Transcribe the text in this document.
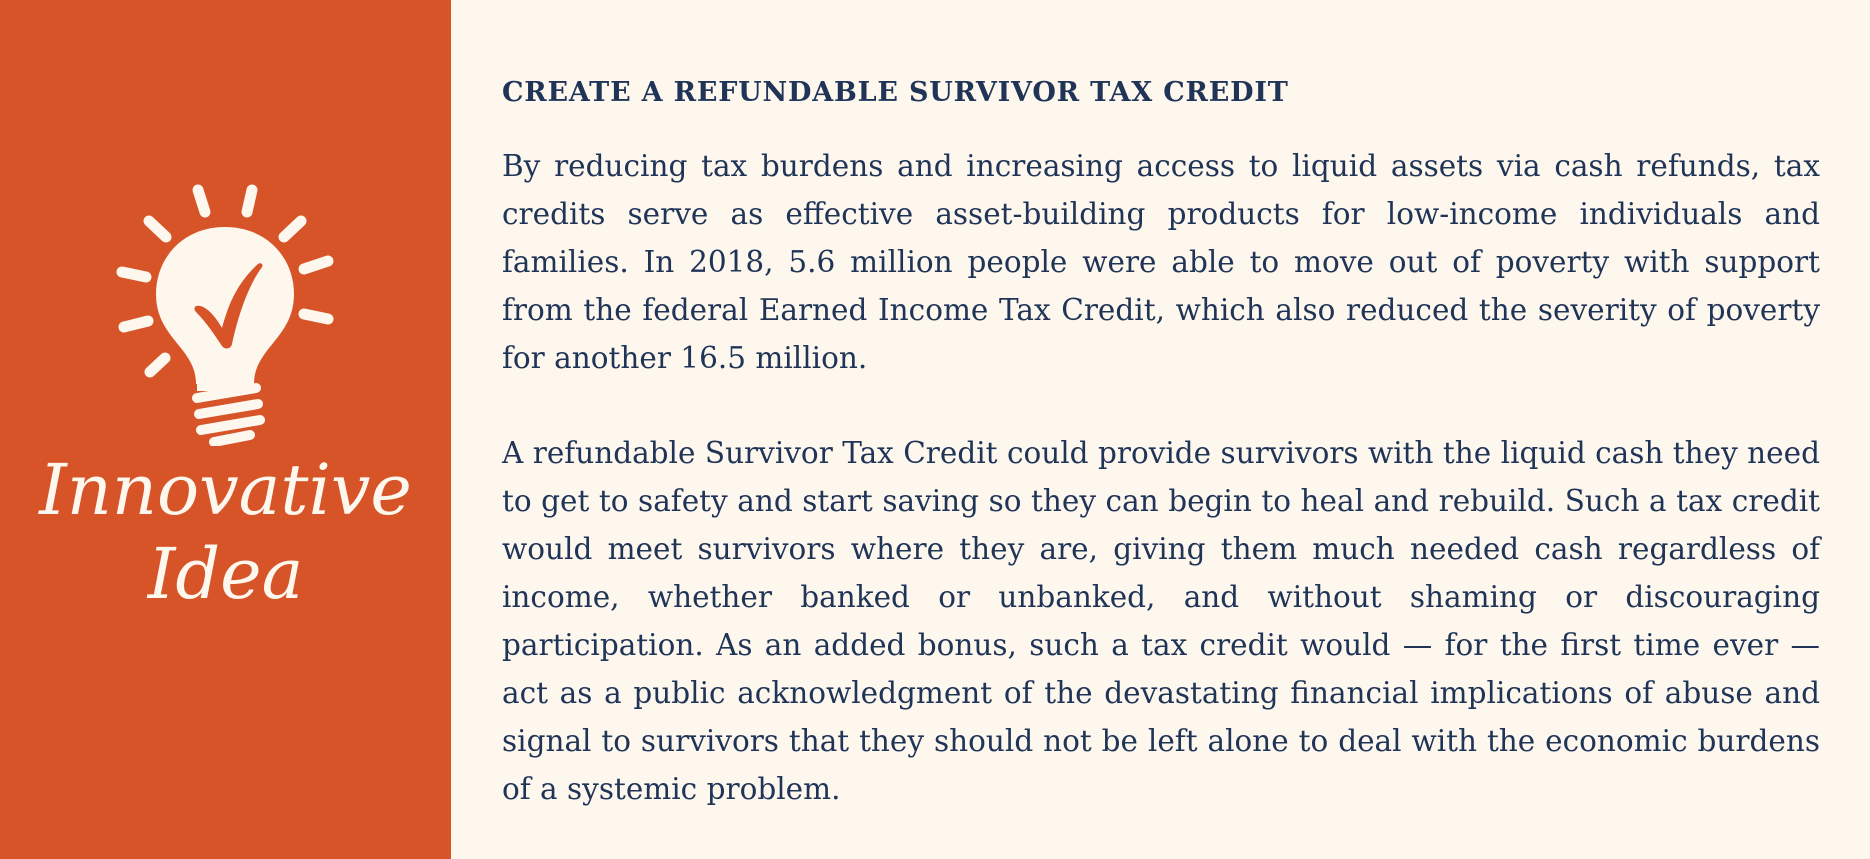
Innovative
Idea
CREATE A REFUNDABLE SURVIVOR TAX CREDIT

By reducing tax burdens and increasing access to liquid assets via cash refunds, tax credits serve as effective asset-building products for low-income individuals and families. In 2018, 5.6 million people were able to move out of poverty with support from the federal Earned Income Tax Credit, which also reduced the severity of poverty for another 16.5 million.

A refundable Survivor Tax Credit could provide survivors with the liquid cash they need to get to safety and start saving so they can begin to heal and rebuild. Such a tax credit would meet survivors where they are, giving them much needed cash regardless of income, whether banked or unbanked, and without shaming or discouraging participation. As an added bonus, such a tax credit would — for the first time ever — act as a public acknowledgment of the devastating financial implications of abuse and signal to survivors that they should not be left alone to deal with the economic burdens of a systemic problem.
